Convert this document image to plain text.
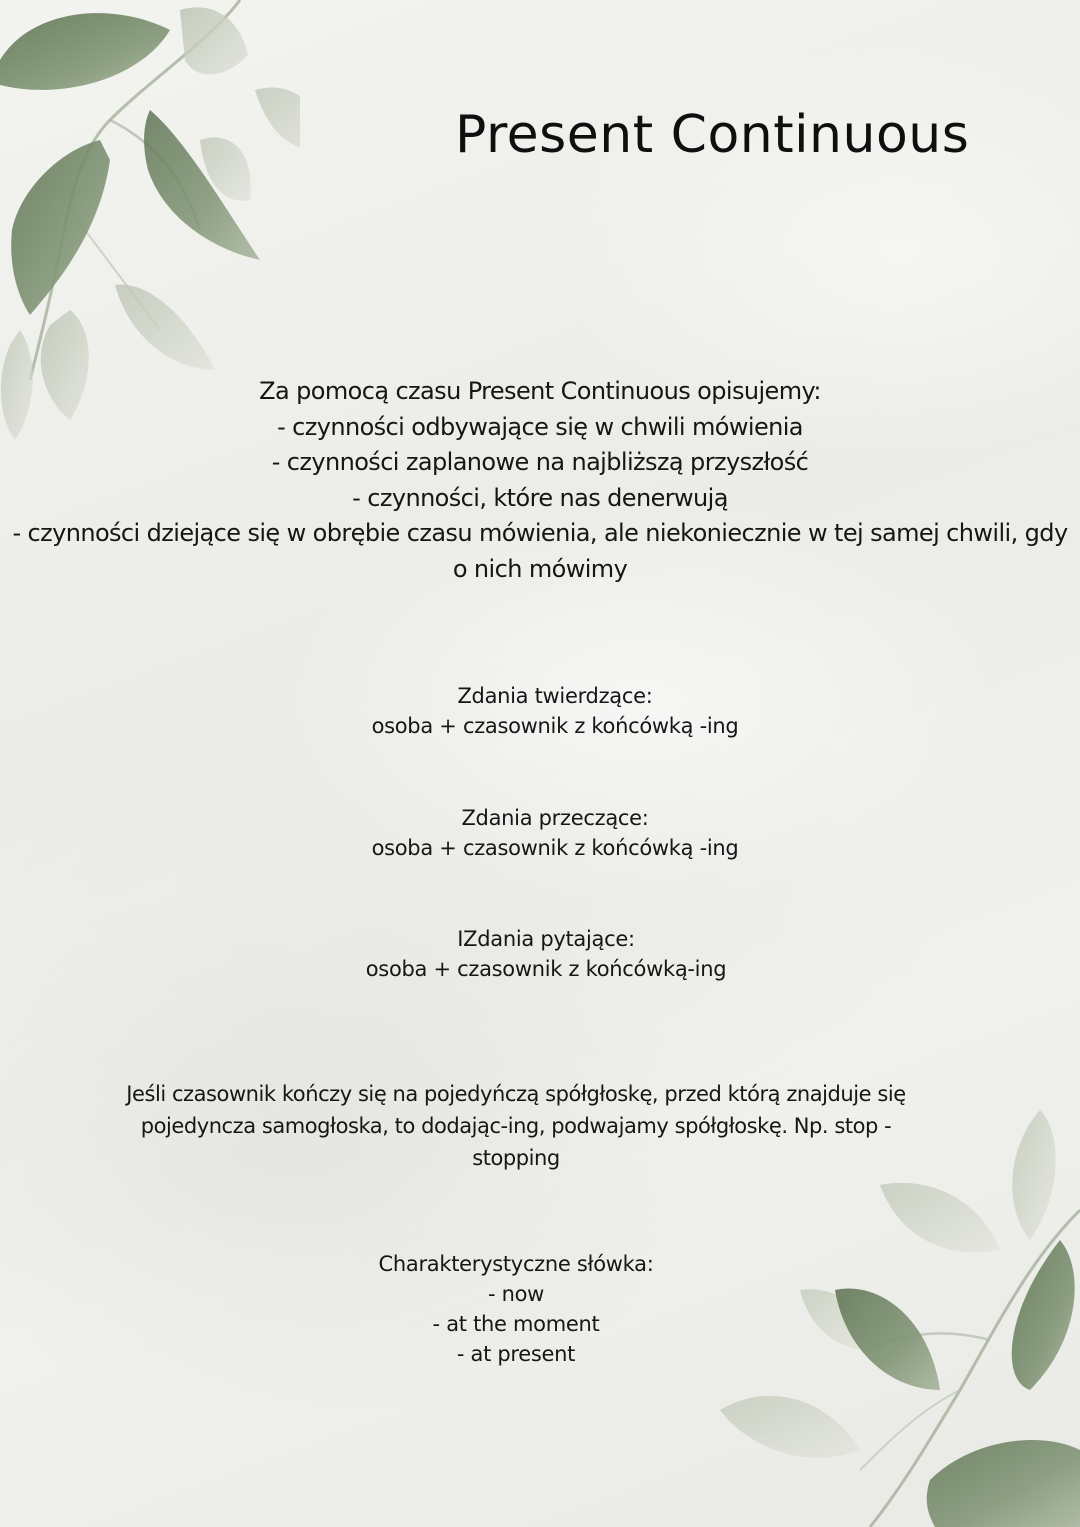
Present Continuous
Za pomocą czasu Present Continuous opisujemy:
- czynności odbywające się w chwili mówienia
- czynności zaplanowe na najbliższą przyszłość
- czynności, które nas denerwują
- czynności dziejące się w obrębie czasu mówienia, ale niekoniecznie w tej samej chwili, gdy
o nich mówimy
Zdania twierdzące:
osoba + czasownik z końcówką -ing
Zdania przeczące:
osoba + czasownik z końcówką -ing
IZdania pytające:
osoba + czasownik z końcówką-ing
Jeśli czasownik kończy się na pojedyńczą spółgłoskę, przed którą znajduje się
pojedyncza samogłoska, to dodając-ing, podwajamy spółgłoskę. Np. stop -
stopping
Charakterystyczne słówka:
- now
- at the moment
- at present
